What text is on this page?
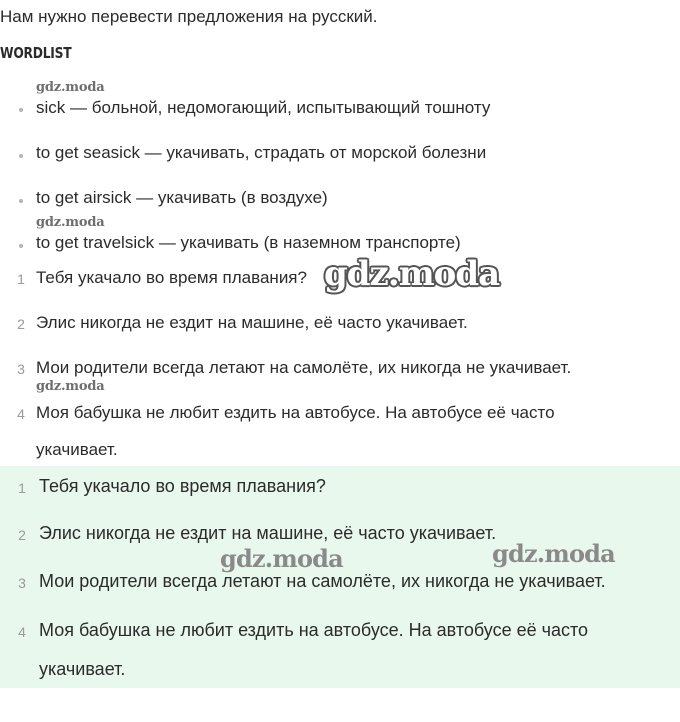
Нам нужно перевести предложения на русский.
WORDLIST
gdz.moda
sick — больной, недомогающий, испытывающий тошноту
to get seasick — укачивать, страдать от морской болезни
to get airsick — укачивать (в воздухе)
gdz.moda
to get travelsick — укачивать (в наземном транспорте)
1 Тебя укачало во время плавания? gdz.moda
2 Элис никогда не ездит на машине, её часто укачивает.
3 Мои родители всегда летают на самолёте, их никогда не укачивает.
gdz.moda
4 Моя бабушка не любит ездить на автобусе. На автобусе её часто
укачивает.
1 Тебя укачало во время плавания?
2 Элис никогда не ездит на машине, её часто укачивает.
gdz.moda	gdz.moda
3 Мои родители всегда летают на самолёте, их никогда не укачивает.
4 Моя бабушка не любит ездить на автобусе. На автобусе её часто
укачивает.
